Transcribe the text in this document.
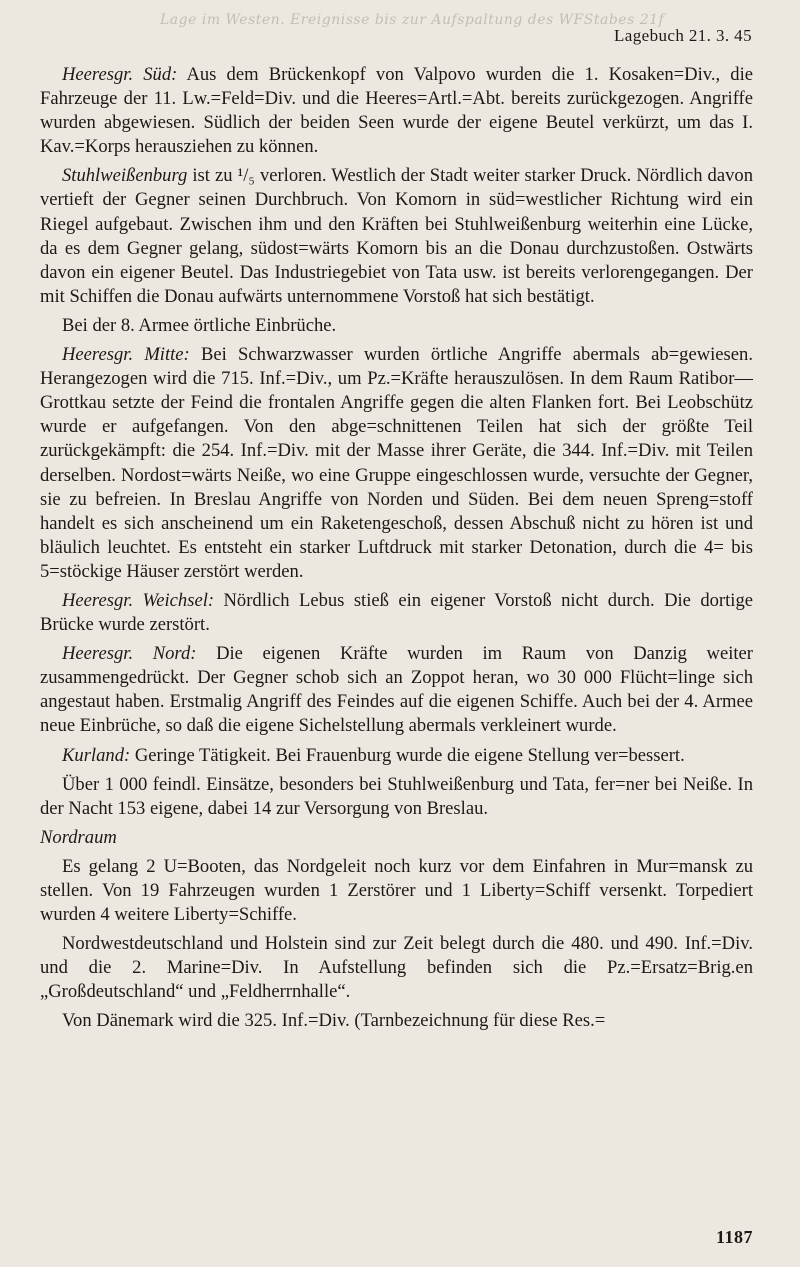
Lage im Westen. Ereignisse bis zur Aufspaltung des WFStabes 21f
Lagebuch 21. 3. 45

Heeresgr. Süd: Aus dem Brückenkopf von Valpovo wurden die 1. Kosaken=Div., die Fahrzeuge der 11. Lw.=Feld=Div. und die Heeres=Artl.=Abt. bereits zurückgezogen. Angriffe wurden abgewiesen. Südlich der beiden Seen wurde der eigene Beutel verkürzt, um das I. Kav.=Korps herausziehen zu können.

Stuhlweißenburg ist zu ¹/₅ verloren. Westlich der Stadt weiter starker Druck. Nördlich davon vertieft der Gegner seinen Durchbruch. Von Komorn in süd=westlicher Richtung wird ein Riegel aufgebaut. Zwischen ihm und den Kräften bei Stuhlweißenburg weiterhin eine Lücke, da es dem Gegner gelang, südost=wärts Komorn bis an die Donau durchzustoßen. Ostwärts davon ein eigener Beutel. Das Industriegebiet von Tata usw. ist bereits verlorengegangen. Der mit Schiffen die Donau aufwärts unternommene Vorstoß hat sich bestätigt.

Bei der 8. Armee örtliche Einbrüche.

Heeresgr. Mitte: Bei Schwarzwasser wurden örtliche Angriffe abermals ab=gewiesen. Herangezogen wird die 715. Inf.=Div., um Pz.=Kräfte herauszulösen. In dem Raum Ratibor—Grottkau setzte der Feind die frontalen Angriffe gegen die alten Flanken fort. Bei Leobschütz wurde er aufgefangen. Von den abge=schnittenen Teilen hat sich der größte Teil zurückgekämpft: die 254. Inf.=Div. mit der Masse ihrer Geräte, die 344. Inf.=Div. mit Teilen derselben. Nordost=wärts Neiße, wo eine Gruppe eingeschlossen wurde, versuchte der Gegner, sie zu befreien. In Breslau Angriffe von Norden und Süden. Bei dem neuen Spreng=stoff handelt es sich anscheinend um ein Raketengeschoß, dessen Abschuß nicht zu hören ist und bläulich leuchtet. Es entsteht ein starker Luftdruck mit starker Detonation, durch die 4= bis 5=stöckige Häuser zerstört werden.

Heeresgr. Weichsel: Nördlich Lebus stieß ein eigener Vorstoß nicht durch. Die dortige Brücke wurde zerstört.

Heeresgr. Nord: Die eigenen Kräfte wurden im Raum von Danzig weiter zusammengedrückt. Der Gegner schob sich an Zoppot heran, wo 30 000 Flücht=linge sich angestaut haben. Erstmalig Angriff des Feindes auf die eigenen Schiffe. Auch bei der 4. Armee neue Einbrüche, so daß die eigene Sichelstellung abermals verkleinert wurde.

Kurland: Geringe Tätigkeit. Bei Frauenburg wurde die eigene Stellung ver=bessert.

Über 1 000 feindl. Einsätze, besonders bei Stuhlweißenburg und Tata, fer=ner bei Neiße. In der Nacht 153 eigene, dabei 14 zur Versorgung von Breslau.

Nordraum

Es gelang 2 U=Booten, das Nordgeleit noch kurz vor dem Einfahren in Mur=mansk zu stellen. Von 19 Fahrzeugen wurden 1 Zerstörer und 1 Liberty=Schiff versenkt. Torpediert wurden 4 weitere Liberty=Schiffe.

Nordwestdeutschland und Holstein sind zur Zeit belegt durch die 480. und 490. Inf.=Div. und die 2. Marine=Div. In Aufstellung befinden sich die Pz.=Ersatz=Brig.en „Großdeutschland“ und „Feldherrnhalle“.

Von Dänemark wird die 325. Inf.=Div. (Tarnbezeichnung für diese Res.=

1187
